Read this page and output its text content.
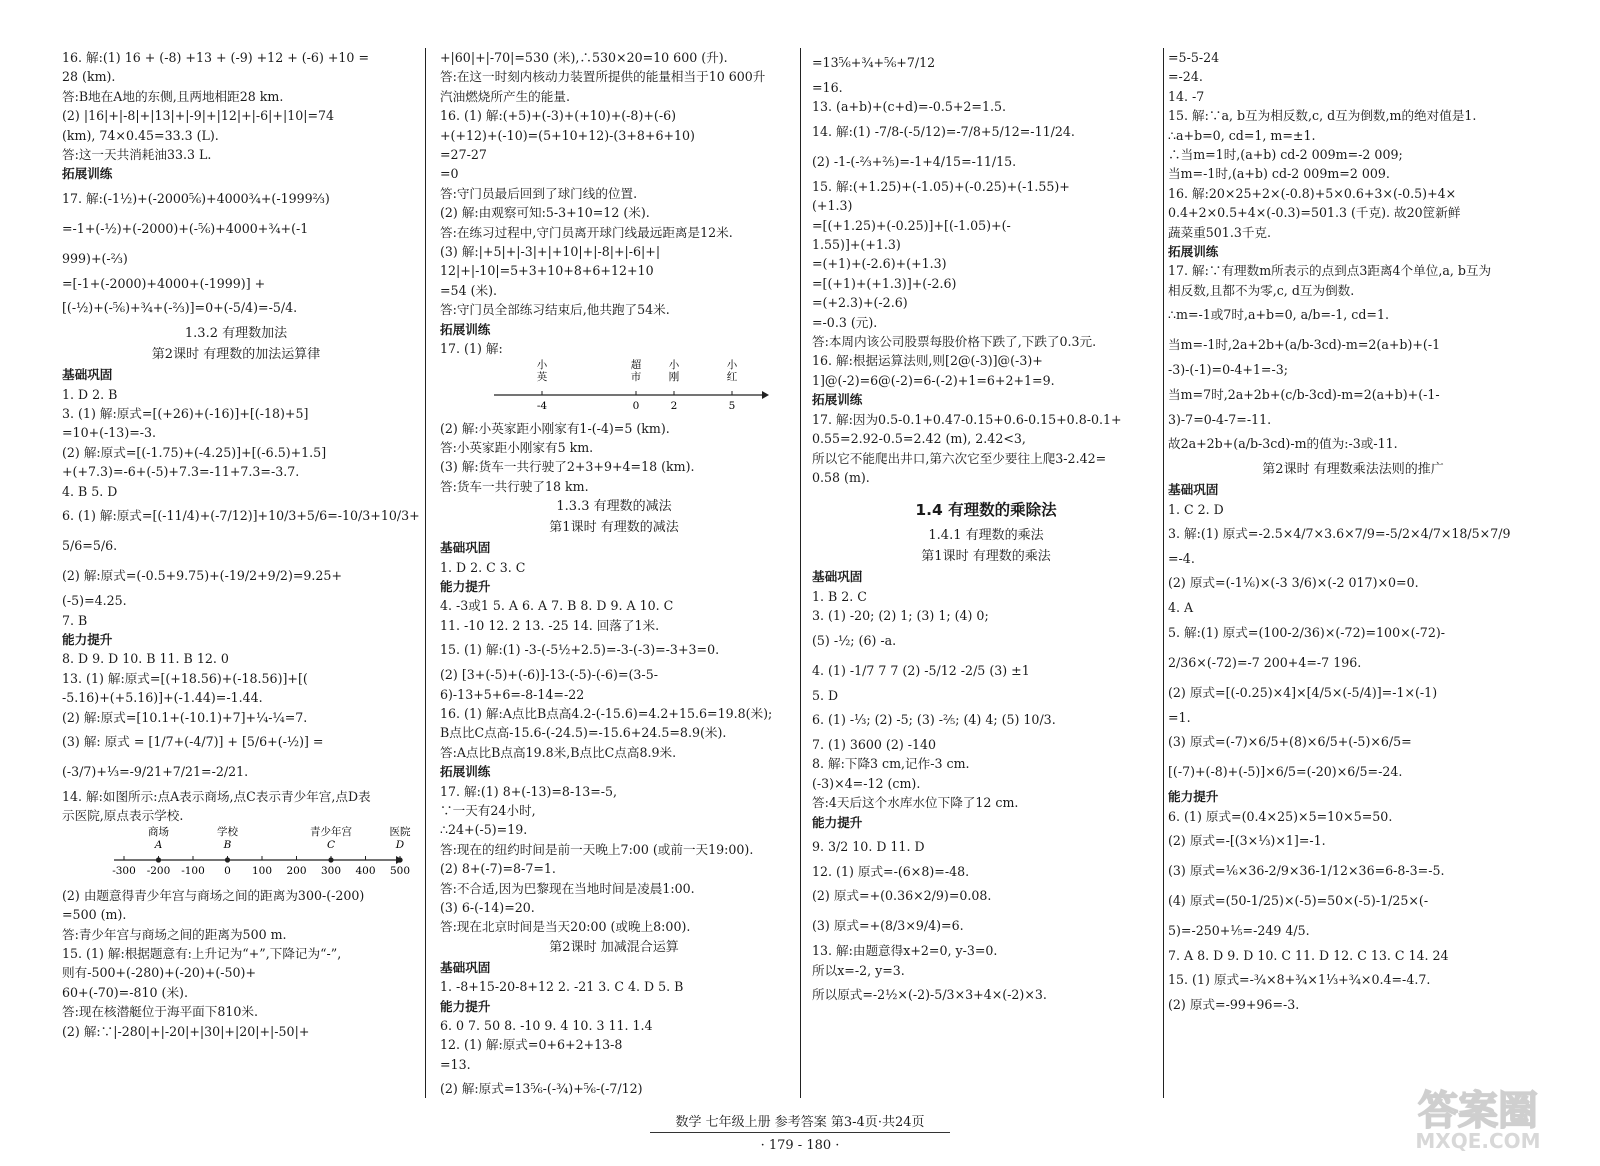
16. 解:(1) 16 + (-8) +13 + (-9) +12 + (-6) +10 =
28 (km).
答:B地在A地的东侧,且两地相距28 km.
(2) |16|+|-8|+|13|+|-9|+|12|+|-6|+|10|=74
(km), 74×0.45=33.3 (L).
答:这一天共消耗油33.3 L.
拓展训练
17. 解:(-1½)+(-2000⅚)+4000¾+(-1999⅔)
=-1+(-½)+(-2000)+(-⅚)+4000+¾+(-1
999)+(-⅔)
=[-1+(-2000)+4000+(-1999)] +
[(-½)+(-⅚)+¾+(-⅔)]=0+(-5/4)=-5/4.
1.3.2 有理数加法
第2课时 有理数的加法运算律
基础巩固
1. D 2. B
3. (1) 解:原式=[(+26)+(-16)]+[(-18)+5]
=10+(-13)=-3.
(2) 解:原式=[(-1.75)+(-4.25)]+[(-6.5)+1.5]
+(+7.3)=-6+(-5)+7.3=-11+7.3=-3.7.
4. B 5. D
6. (1) 解:原式=[(-11/4)+(-7/12)]+10/3+5/6=-10/3+10/3+
5/6=5/6.
(2) 解:原式=(-0.5+9.75)+(-19/2+9/2)=9.25+
(-5)=4.25.
7. B
能力提升
8. D 9. D 10. B 11. B 12. 0
13. (1) 解:原式=[(+18.56)+(-18.56)]+[(
-5.16)+(+5.16)]+(-1.44)=-1.44.
(2) 解:原式=[10.1+(-10.1)+7]+¼-¼=7.
(3) 解: 原式 = [1/7+(-4/7)] + [5/6+(-½)] =
(-3/7)+⅓=-9/21+7/21=-2/21.
14. 解:如图所示:点A表示商场,点C表示青少年宫,点D表
示医院,原点表示学校.
-300 -200 -100 0 100 200 300 400 500
商场
A
学校
B
青少年宫
C
医院
D
(2) 由题意得青少年宫与商场之间的距离为300-(-200)
=500 (m).
答:青少年宫与商场之间的距离为500 m.
15. (1) 解:根据题意有:上升记为“+”,下降记为“-”,
则有-500+(-280)+(-20)+(-50)+
60+(-70)=-810 (米).
答:现在核潜艇位于海平面下810米.
(2) 解:∵|-280|+|-20|+|30|+|20|+|-50|+
+|60|+|-70|=530 (米),∴530×20=10 600 (升).
答:在这一时刻内核动力装置所提供的能量相当于10 600升
汽油燃烧所产生的能量.
16. (1) 解:(+5)+(-3)+(+10)+(-8)+(-6)
+(+12)+(-10)=(5+10+12)-(3+8+6+10)
=27-27
=0
答:守门员最后回到了球门线的位置.
(2) 解:由观察可知:5-3+10=12 (米).
答:在练习过程中,守门员离开球门线最远距离是12米.
(3) 解:|+5|+|-3|+|+10|+|-8|+|-6|+|
12|+|-10|=5+3+10+8+6+12+10
=54 (米).
答:守门员全部练习结束后,他共跑了54米.
拓展训练
17. (1) 解:
小
英
-4
超
市
0
小
刚
2
小
红
5
(2) 解:小英家距小刚家有1-(-4)=5 (km).
答:小英家距小刚家有5 km.
(3) 解:货车一共行驶了2+3+9+4=18 (km).
答:货车一共行驶了18 km.
1.3.3 有理数的减法
第1课时 有理数的减法
基础巩固
1. D 2. C 3. C
能力提升
4. -3或1 5. A 6. A 7. B 8. D 9. A 10. C
11. -10 12. 2 13. -25 14. 回落了1米.
15. (1) 解:(1) -3-(-5½+2.5)=-3-(-3)=-3+3=0.
(2) [3+(-5)+(-6)]-13-(-5)-(-6)=(3-5-
6)-13+5+6=-8-14=-22
16. (1) 解:A点比B点高4.2-(-15.6)=4.2+15.6=19.8(米);
B点比C点高-15.6-(-24.5)=-15.6+24.5=8.9(米).
答:A点比B点高19.8米,B点比C点高8.9米.
拓展训练
17. 解:(1) 8+(-13)=8-13=-5,
∵一天有24小时,
∴24+(-5)=19.
答:现在的纽约时间是前一天晚上7:00 (或前一天19:00).
(2) 8+(-7)=8-7=1.
答:不合适,因为巴黎现在当地时间是凌晨1:00.
(3) 6-(-14)=20.
答:现在北京时间是当天20:00 (或晚上8:00).
第2课时 加减混合运算
基础巩固
1. -8+15-20-8+12 2. -21 3. C 4. D 5. B
能力提升
6. 0 7. 50 8. -10 9. 4 10. 3 11. 1.4
12. (1) 解:原式=0+6+2+13-8
=13.
(2) 解:原式=13⅚-(-¾)+⅚-(-7/12)
=13⅚+¾+⅚+7/12
=16.
13. (a+b)+(c+d)=-0.5+2=1.5.
14. 解:(1) -7/8-(-5/12)=-7/8+5/12=-11/24.
(2) -1-(-⅔+⅖)=-1+4/15=-11/15.
15. 解:(+1.25)+(-1.05)+(-0.25)+(-1.55)+
(+1.3)
=[(+1.25)+(-0.25)]+[(-1.05)+(-
1.55)]+(+1.3)
=(+1)+(-2.6)+(+1.3)
=[(+1)+(+1.3)]+(-2.6)
=(+2.3)+(-2.6)
=-0.3 (元).
答:本周内该公司股票每股价格下跌了,下跌了0.3元.
16. 解:根据运算法则,则[2@(-3)]@(-3)+
1]@(-2)=6@(-2)=6-(-2)+1=6+2+1=9.
拓展训练
17. 解:因为0.5-0.1+0.47-0.15+0.6-0.15+0.8-0.1+
0.55=2.92-0.5=2.42 (m), 2.42<3,
所以它不能爬出井口,第六次它至少要往上爬3-2.42=
0.58 (m).
1.4 有理数的乘除法
1.4.1 有理数的乘法
第1课时 有理数的乘法
基础巩固
1. B 2. C
3. (1) -20; (2) 1; (3) 1; (4) 0;
(5) -½; (6) -a.
4. (1) -1/7 7 7 (2) -5/12 -2/5 (3) ±1
5. D
6. (1) -⅓; (2) -5; (3) -⅖; (4) 4; (5) 10/3.
7. (1) 3600 (2) -140
8. 解:下降3 cm,记作-3 cm.
(-3)×4=-12 (cm).
答:4天后这个水库水位下降了12 cm.
能力提升
9. 3/2 10. D 11. D
12. (1) 原式=-(6×8)=-48.
(2) 原式=+(0.36×2/9)=0.08.
(3) 原式=+(8/3×9/4)=6.
13. 解:由题意得x+2=0, y-3=0.
所以x=-2, y=3.
所以原式=-2½×(-2)-5/3×3+4×(-2)×3.
=5-5-24
=-24.
14. -7
15. 解:∵a, b互为相反数,c, d互为倒数,m的绝对值是1.
∴a+b=0, cd=1, m=±1.
∴当m=1时,(a+b) cd-2 009m=-2 009;
当m=-1时,(a+b) cd-2 009m=2 009.
16. 解:20×25+2×(-0.8)+5×0.6+3×(-0.5)+4×
0.4+2×0.5+4×(-0.3)=501.3 (千克). 故20筐新鲜
蔬菜重501.3千克.
拓展训练
17. 解:∵有理数m所表示的点到点3距离4个单位,a, b互为
相反数,且都不为零,c, d互为倒数.
∴m=-1或7时,a+b=0, a/b=-1, cd=1.
当m=-1时,2a+2b+(a/b-3cd)-m=2(a+b)+(-1
-3)-(-1)=0-4+1=-3;
当m=7时,2a+2b+(c/b-3cd)-m=2(a+b)+(-1-
3)-7=0-4-7=-11.
故2a+2b+(a/b-3cd)-m的值为:-3或-11.
第2课时 有理数乘法法则的推广
基础巩固
1. C 2. D
3. 解:(1) 原式=-2.5×4/7×3.6×7/9=-5/2×4/7×18/5×7/9
=-4.
(2) 原式=(-1⅙)×(-3 3/6)×(-2 017)×0=0.
4. A
5. 解:(1) 原式=(100-2/36)×(-72)=100×(-72)-
2/36×(-72)=-7 200+4=-7 196.
(2) 原式=[(-0.25)×4]×[4/5×(-5/4)]=-1×(-1)
=1.
(3) 原式=(-7)×6/5+(8)×6/5+(-5)×6/5=
[(-7)+(-8)+(-5)]×6/5=(-20)×6/5=-24.
能力提升
6. (1) 原式=(0.4×25)×5=10×5=50.
(2) 原式=-[(3×⅓)×1]=-1.
(3) 原式=⅙×36-2/9×36-1/12×36=6-8-3=-5.
(4) 原式=(50-1/25)×(-5)=50×(-5)-1/25×(-
5)=-250+⅕=-249 4/5.
7. A 8. D 9. D 10. C 11. D 12. C 13. C 14. 24
15. (1) 原式=-¾×8+¾×1⅓+¾×0.4=-4.7.
(2) 原式=-99+96=-3.
数学 七年级上册 参考答案 第3-4页·共24页
· 179 - 180 ·
答案圈
MXQE.COM
